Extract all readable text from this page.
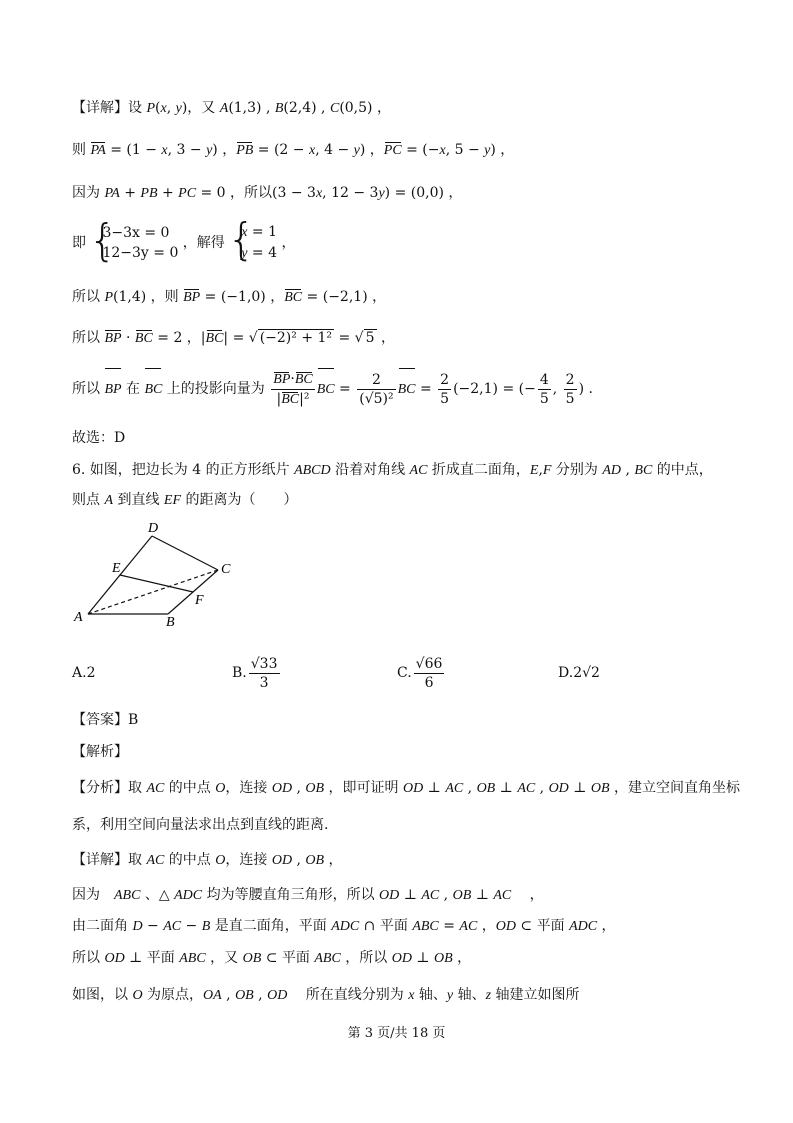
【详解】设 P(x, y)，又 A(1,3) , B(2,4) , C(0,5) ，
则 PA = (1 − x, 3 − y) ，PB = (2 − x, 4 − y) ，PC = (−x, 5 − y) ，
因为 PA + PB + PC = 0 ，所以(3 − 3x, 12 − 3y) = (0,0) ，
即
{ 3−3x = 0
12−3y = 0
，解得
{ x = 1
y = 4
，
所以 P(1,4) ，则 BP = (−1,0) ，BC = (−2,1) ，
所以 BP · BC = 2 ，|BC| = √ (−2)² + 1² = √ 5 ，
所以 BP 在 BC 上的投影向量为 $\frac{BP\cdot BC}{\text{|BC|²}}$ BC = $\frac{2}{\text{(√5)²}}$ BC = $\frac{2}{5} (-2,1)$ = (− $\frac{4}{5}$ , $\frac{2}{5}$ ) .
故选：D
6. 如图，把边长为 4 的正方形纸片 ABCD 沿着对角线 AC 折成直二面角，E,F 分别为 AD , BC 的中点，
则点 A 到直线 EF 的距离为（　　）
D
E	C
F
A	B
A. 2	B. $\frac{√33}{3}$	C. $\frac{√66}{6}$	D. 2√2
【答案】B
【解析】
【分析】取 AC 的中点 O，连接 OD , OB ，即可证明 OD ⊥ AC , OB ⊥ AC , OD ⊥ OB ，建立空间直角坐标
系，利用空间向量法求出点到直线的距离.
【详解】取 AC 的中点 O，连接 OD , OB ，
因为　ABC 、△ ADC 均为等腰直角三角形，所以 OD ⊥ AC , OB ⊥ AC 　，
由二面角 D − AC − B 是直二面角，平面 ADC ∩ 平面 ABC = AC ，OD ⊂ 平面 ADC ，
所以 OD ⊥ 平面 ABC ，又 OB ⊂ 平面 ABC ，所以 OD ⊥ OB ，
如图，以 O 为原点，OA , OB , OD 　所在直线分别为 x 轴、y 轴、z 轴建立如图所
第 3 页/共 18 页
